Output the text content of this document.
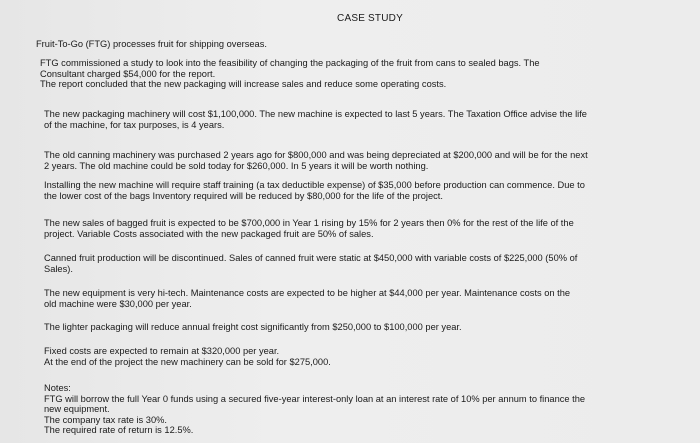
CASE STUDY

Fruit-To-Go (FTG) processes fruit for shipping overseas.

FTG commissioned a study to look into the feasibility of changing the packaging of the fruit from cans to sealed bags. The
Consultant charged $54,000 for the report.
The report concluded that the new packaging will increase sales and reduce some operating costs.

The new packaging machinery will cost $1,100,000. The new machine is expected to last 5 years. The Taxation Office advise the life
of the machine, for tax purposes, is 4 years.

The old canning machinery was purchased 2 years ago for $800,000 and was being depreciated at $200,000 and will be for the next
2 years. The old machine could be sold today for $260,000. In 5 years it will be worth nothing.

Installing the new machine will require staff training (a tax deductible expense) of $35,000 before production can commence. Due to
the lower cost of the bags Inventory required will be reduced by $80,000 for the life of the project.

The new sales of bagged fruit is expected to be $700,000 in Year 1 rising by 15% for 2 years then 0% for the rest of the life of the
project. Variable Costs associated with the new packaged fruit are 50% of sales.

Canned fruit production will be discontinued. Sales of canned fruit were static at $450,000 with variable costs of $225,000 (50% of
Sales).

The new equipment is very hi-tech. Maintenance costs are expected to be higher at $44,000 per year. Maintenance costs on the
old machine were $30,000 per year.

The lighter packaging will reduce annual freight cost significantly from $250,000 to $100,000 per year.

Fixed costs are expected to remain at $320,000 per year.
At the end of the project the new machinery can be sold for $275,000.

Notes:
FTG will borrow the full Year 0 funds using a secured five-year interest-only loan at an interest rate of 10% per annum to finance the
new equipment.
The company tax rate is 30%.
The required rate of return is 12.5%.
